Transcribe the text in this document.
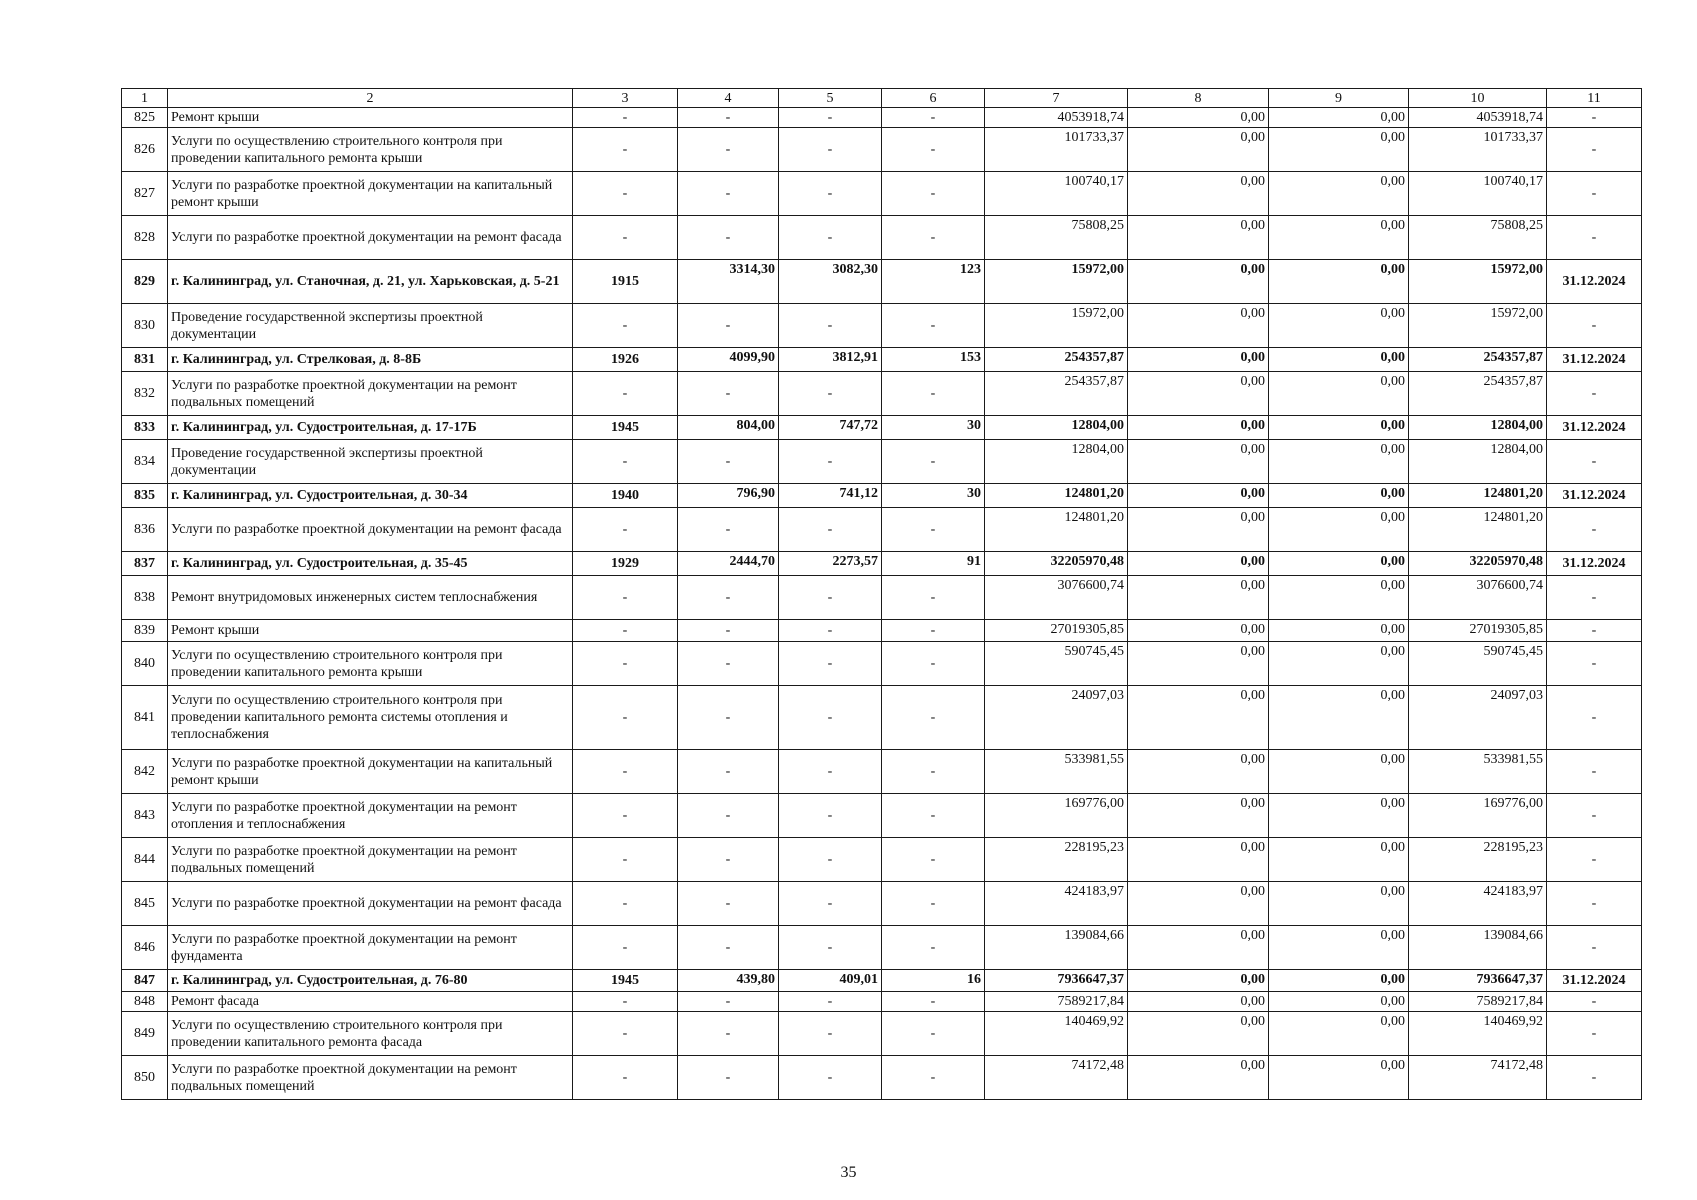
1	2	3	4	5	6	7	8	9	10	11
825	Ремонт крыши	-	-	-	-	4053918,74	0,00	0,00	4053918,74	-
826	Услуги по осуществлению строительного контроля при проведении капитального ремонта крыши	-	-	-	-	101733,37	0,00	0,00	101733,37	-
827	Услуги по разработке проектной документации на капитальный ремонт крыши	-	-	-	-	100740,17	0,00	0,00	100740,17	-
828	Услуги по разработке проектной документации на ремонт фасада	-	-	-	-	75808,25	0,00	0,00	75808,25	-
829	г. Калининград, ул. Станочная, д. 21, ул. Харьковская, д. 5-21	1915	3314,30	3082,30	123	15972,00	0,00	0,00	15972,00	31.12.2024
830	Проведение государственной экспертизы проектной документации	-	-	-	-	15972,00	0,00	0,00	15972,00	-
831	г. Калининград, ул. Стрелковая, д. 8-8Б	1926	4099,90	3812,91	153	254357,87	0,00	0,00	254357,87	31.12.2024
832	Услуги по разработке проектной документации на ремонт подвальных помещений	-	-	-	-	254357,87	0,00	0,00	254357,87	-
833	г. Калининград, ул. Судостроительная, д. 17-17Б	1945	804,00	747,72	30	12804,00	0,00	0,00	12804,00	31.12.2024
834	Проведение государственной экспертизы проектной документации	-	-	-	-	12804,00	0,00	0,00	12804,00	-
835	г. Калининград, ул. Судостроительная, д. 30-34	1940	796,90	741,12	30	124801,20	0,00	0,00	124801,20	31.12.2024
836	Услуги по разработке проектной документации на ремонт фасада	-	-	-	-	124801,20	0,00	0,00	124801,20	-
837	г. Калининград, ул. Судостроительная, д. 35-45	1929	2444,70	2273,57	91	32205970,48	0,00	0,00	32205970,48	31.12.2024
838	Ремонт внутридомовых инженерных систем теплоснабжения	-	-	-	-	3076600,74	0,00	0,00	3076600,74	-
839	Ремонт крыши	-	-	-	-	27019305,85	0,00	0,00	27019305,85	-
840	Услуги по осуществлению строительного контроля при проведении капитального ремонта крыши	-	-	-	-	590745,45	0,00	0,00	590745,45	-
841	Услуги по осуществлению строительного контроля при проведении капитального ремонта системы отопления и теплоснабжения	-	-	-	-	24097,03	0,00	0,00	24097,03	-
842	Услуги по разработке проектной документации на капитальный ремонт крыши	-	-	-	-	533981,55	0,00	0,00	533981,55	-
843	Услуги по разработке проектной документации на ремонт отопления и теплоснабжения	-	-	-	-	169776,00	0,00	0,00	169776,00	-
844	Услуги по разработке проектной документации на ремонт подвальных помещений	-	-	-	-	228195,23	0,00	0,00	228195,23	-
845	Услуги по разработке проектной документации на ремонт фасада	-	-	-	-	424183,97	0,00	0,00	424183,97	-
846	Услуги по разработке проектной документации на ремонт фундамента	-	-	-	-	139084,66	0,00	0,00	139084,66	-
847	г. Калининград, ул. Судостроительная, д. 76-80	1945	439,80	409,01	16	7936647,37	0,00	0,00	7936647,37	31.12.2024
848	Ремонт фасада	-	-	-	-	7589217,84	0,00	0,00	7589217,84	-
849	Услуги по осуществлению строительного контроля при проведении капитального ремонта фасада	-	-	-	-	140469,92	0,00	0,00	140469,92	-
850	Услуги по разработке проектной документации на ремонт подвальных помещений	-	-	-	-	74172,48	0,00	0,00	74172,48	-
35
